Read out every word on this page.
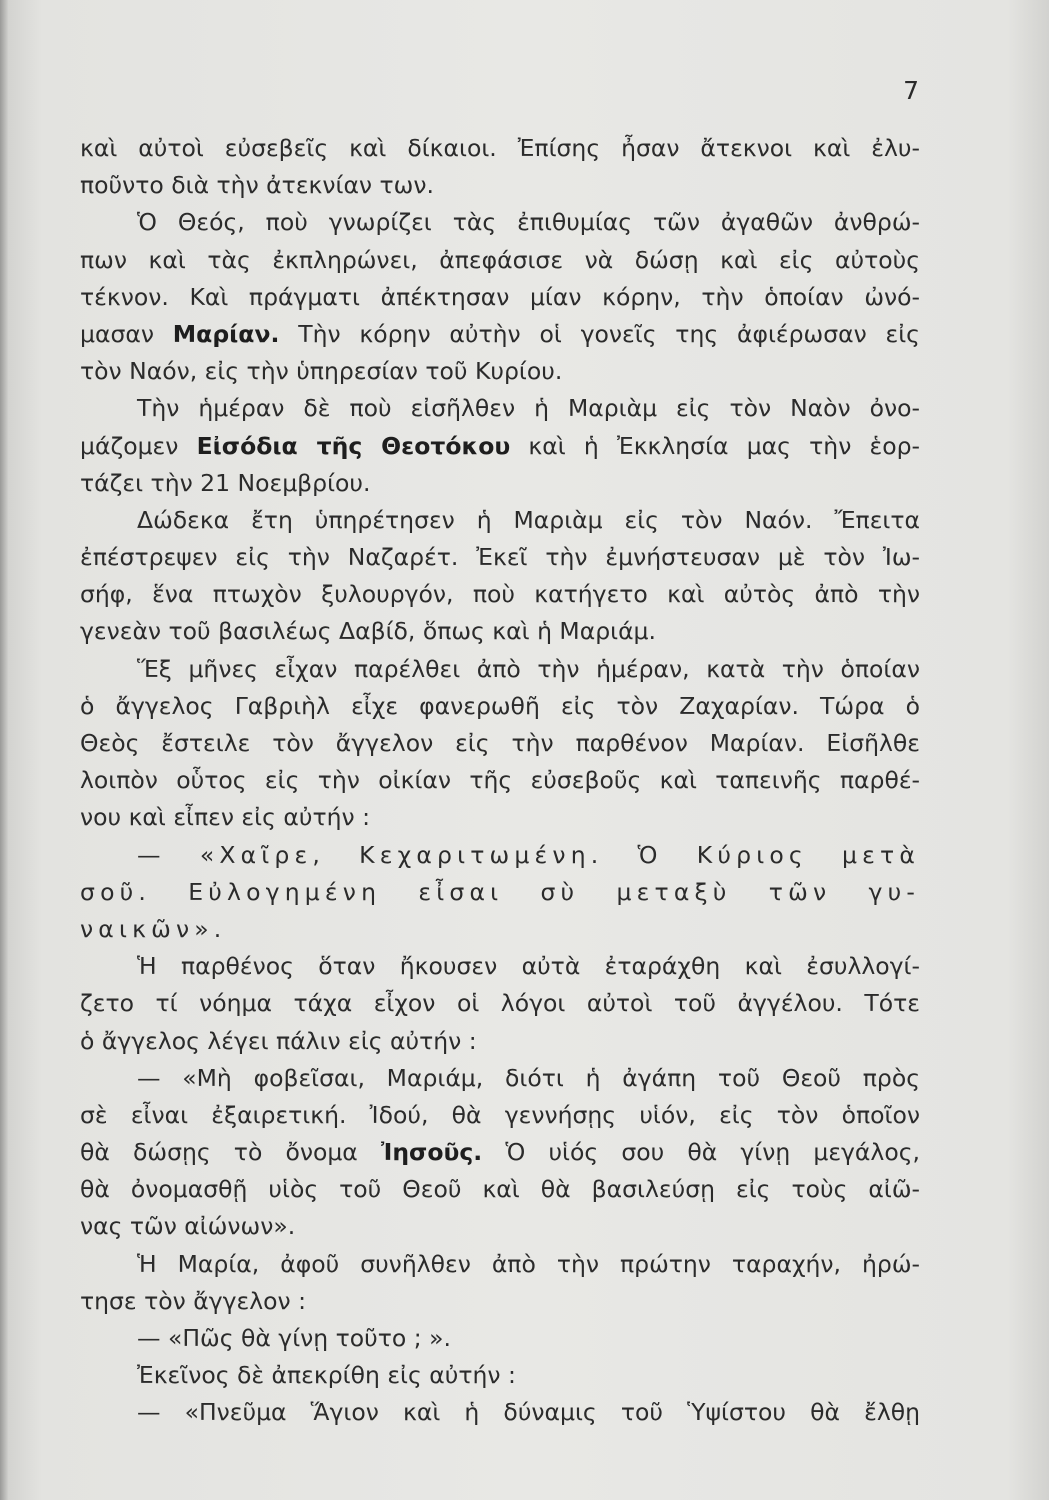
7
καὶ αὐτοὶ εὐσεβεῖς καὶ δίκαιοι. Ἐπίσης ἦσαν ἄτεκνοι καὶ ἐλυ-
ποῦντο διὰ τὴν ἀτεκνίαν των.
Ὁ Θεός, ποὺ γνωρίζει τὰς ἐπιθυμίας τῶν ἀγαθῶν ἀνθρώ-
πων καὶ τὰς ἐκπληρώνει, ἀπεφάσισε νὰ δώσῃ καὶ εἰς αὐτοὺς
τέκνον. Καὶ πράγματι ἀπέκτησαν μίαν κόρην, τὴν ὁποίαν ὠνό-
μασαν Μαρίαν. Τὴν κόρην αὐτὴν οἱ γονεῖς της ἀφιέρωσαν εἰς
τὸν Ναόν, εἰς τὴν ὑπηρεσίαν τοῦ Κυρίου.
Τὴν ἡμέραν δὲ ποὺ εἰσῆλθεν ἡ Μαριὰμ εἰς τὸν Ναὸν ὀνο-
μάζομεν Εἰσόδια τῆς Θεοτόκου καὶ ἡ Ἐκκλησία μας τὴν ἑορ-
τάζει τὴν 21 Νοεμβρίου.
Δώδεκα ἔτη ὑπηρέτησεν ἡ Μαριὰμ εἰς τὸν Ναόν. Ἔπειτα
ἐπέστρεψεν εἰς τὴν Ναζαρέτ. Ἐκεῖ τὴν ἐμνήστευσαν μὲ τὸν Ἰω-
σήφ, ἕνα πτωχὸν ξυλουργόν, ποὺ κατήγετο καὶ αὐτὸς ἀπὸ τὴν
γενεὰν τοῦ βασιλέως Δαβίδ, ὅπως καὶ ἡ Μαριάμ.
Ἕξ μῆνες εἶχαν παρέλθει ἀπὸ τὴν ἡμέραν, κατὰ τὴν ὁποίαν
ὁ ἄγγελος Γαβριὴλ εἶχε φανερωθῆ εἰς τὸν Ζαχαρίαν. Τώρα ὁ
Θεὸς ἔστειλε τὸν ἄγγελον εἰς τὴν παρθένον Μαρίαν. Εἰσῆλθε
λοιπὸν οὗτος εἰς τὴν οἰκίαν τῆς εὐσεβοῦς καὶ ταπεινῆς παρθέ-
νου καὶ εἶπεν εἰς αὐτήν :
— «Χαῖρε, Κεχαριτωμένη. Ὁ Κύριος μετὰ
σοῦ. Εὐλογημένη εἶσαι σὺ μεταξὺ τῶν γυ-
ναικῶν».
Ἡ παρθένος ὅταν ἤκουσεν αὐτὰ ἐταράχθη καὶ ἐσυλλογί-
ζετο τί νόημα τάχα εἶχον οἱ λόγοι αὐτοὶ τοῦ ἀγγέλου. Τότε
ὁ ἄγγελος λέγει πάλιν εἰς αὐτήν :
— «Μὴ φοβεῖσαι, Μαριάμ, διότι ἡ ἀγάπη τοῦ Θεοῦ πρὸς
σὲ εἶναι ἐξαιρετική. Ἰδού, θὰ γεννήσῃς υἱόν, εἰς τὸν ὁποῖον
θὰ δώσῃς τὸ ὄνομα Ἰησοῦς. Ὁ υἱός σου θὰ γίνῃ μεγάλος,
θὰ ὀνομασθῇ υἱὸς τοῦ Θεοῦ καὶ θὰ βασιλεύσῃ εἰς τοὺς αἰῶ-
νας τῶν αἰώνων».
Ἡ Μαρία, ἀφοῦ συνῆλθεν ἀπὸ τὴν πρώτην ταραχήν, ἠρώ-
τησε τὸν ἄγγελον :
— «Πῶς θὰ γίνῃ τοῦτο ; ».
Ἐκεῖνος δὲ ἀπεκρίθη εἰς αὐτήν :
— «Πνεῦμα Ἅγιον καὶ ἡ δύναμις τοῦ Ὑψίστου θὰ ἔλθῃ
